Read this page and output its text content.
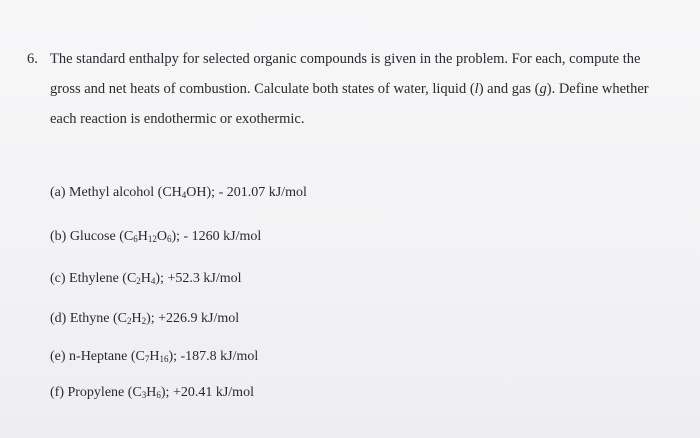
6. The standard enthalpy for selected organic compounds is given in the problem. For each, compute the
gross and net heats of combustion. Calculate both states of water, liquid (l) and gas (g). Define whether
each reaction is endothermic or exothermic.
(a) Methyl alcohol $(CH_4OH)$; - 201.07 kJ/mol
(b) Glucose $(C_6H_{12}O_6)$; - 1260 kJ/mol
(c) Ethylene $(C_2H_4)$; +52.3 kJ/mol
(d) Ethyne $(C_2H_2)$; +226.9 kJ/mol
(e) n-Heptane $(C_7H_{16})$; -187.8 kJ/mol
(f) Propylene $(C_3H_6)$; +20.41 kJ/mol
